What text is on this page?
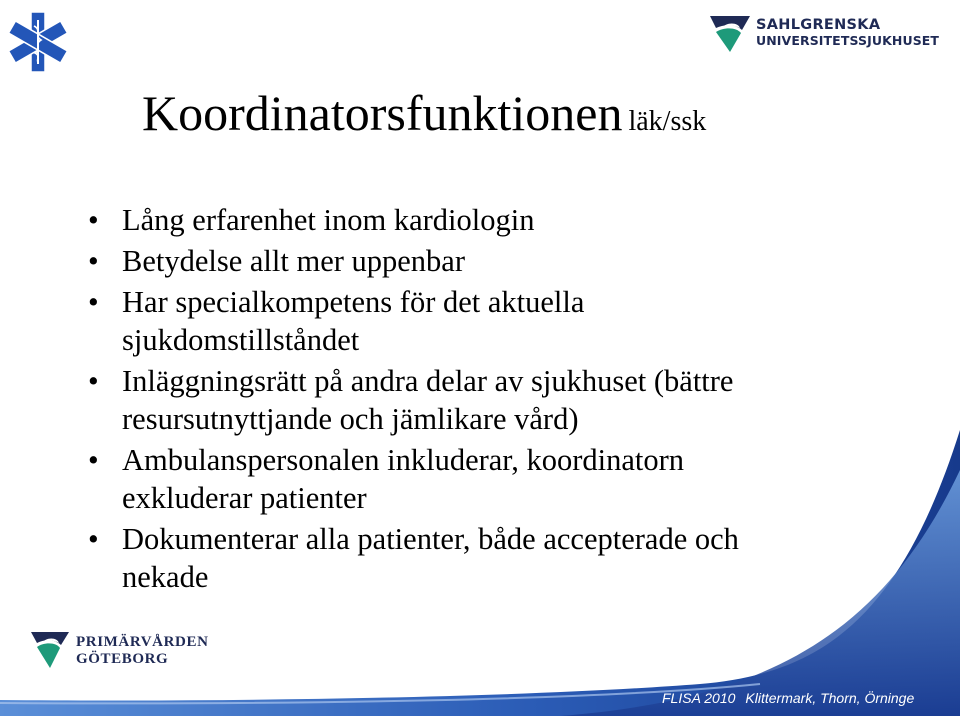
SAHLGRENSKA
UNIVERSITETSSJUKHUSET
Koordinatorsfunktionen läk/ssk
• Lång erfarenhet inom kardiologin
• Betydelse allt mer uppenbar
• Har specialkompetens för det aktuella
sjukdomstillståndet
• Inläggningsrätt på andra delar av sjukhuset (bättre
resursutnyttjande och jämlikare vård)
• Ambulanspersonalen inkluderar, koordinatorn
exkluderar patienter
• Dokumenterar alla patienter, både accepterade och
nekade
PRIMÄRVÅRDEN
GÖTEBORG
FLISA 2010 Klittermark, Thorn, Örninge
